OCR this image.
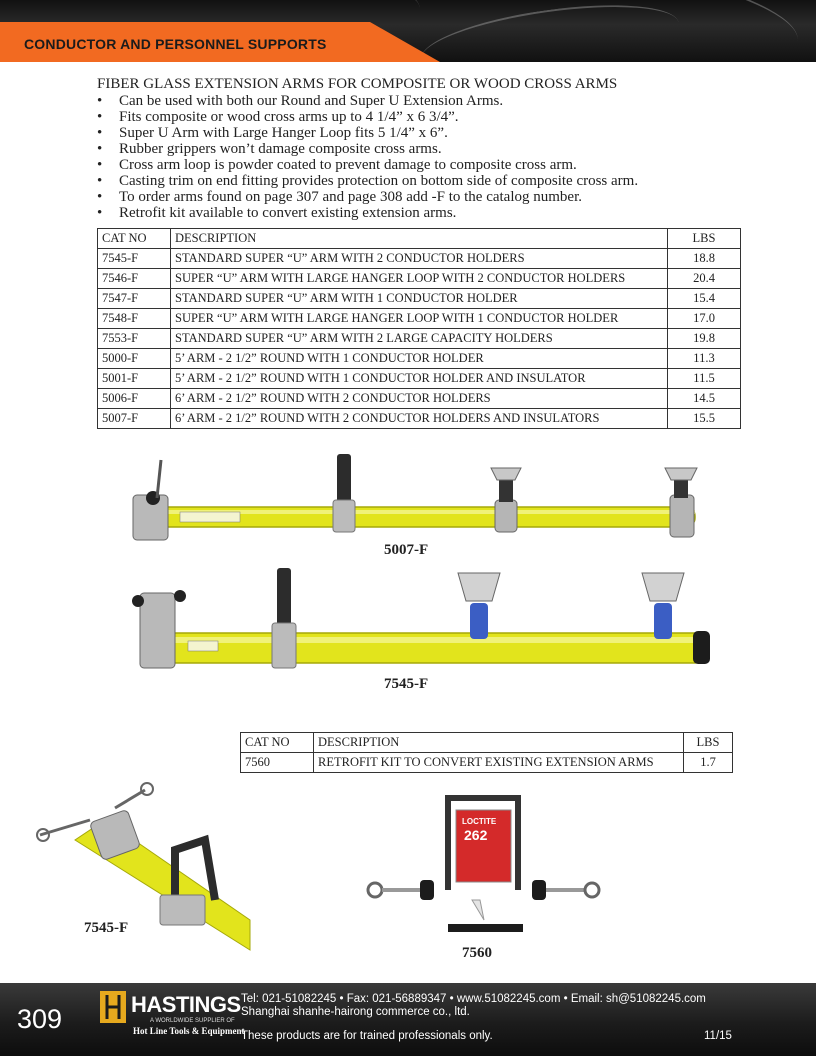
CONDUCTOR AND PERSONNEL SUPPORTS
FIBER GLASS EXTENSION ARMS FOR COMPOSITE OR WOOD CROSS ARMS
• Can be used with both our Round and Super U Extension Arms.
• Fits composite or wood cross arms up to 4 1/4” x 6 3/4”.
• Super U Arm with Large Hanger Loop fits 5 1/4” x 6”.
• Rubber grippers won’t damage composite cross arms.
• Cross arm loop is powder coated to prevent damage to composite cross arm.
• Casting trim on end fitting provides protection on bottom side of composite cross arm.
• To order arms found on page 307 and page 308 add -F to the catalog number.
• Retrofit kit available to convert existing extension arms.
CAT NO	DESCRIPTION	LBS
7545-F	STANDARD SUPER “U” ARM WITH 2 CONDUCTOR HOLDERS	18.8
7546-F	SUPER “U” ARM WITH LARGE HANGER LOOP WITH 2 CONDUCTOR HOLDERS	20.4
7547-F	STANDARD SUPER “U” ARM WITH 1 CONDUCTOR HOLDER	15.4
7548-F	SUPER “U” ARM WITH LARGE HANGER LOOP WITH 1 CONDUCTOR HOLDER	17.0
7553-F	STANDARD SUPER “U” ARM WITH 2 LARGE CAPACITY HOLDERS	19.8
5000-F	5’ ARM - 2 1/2” ROUND WITH 1 CONDUCTOR HOLDER	11.3
5001-F	5’ ARM - 2 1/2” ROUND WITH 1 CONDUCTOR HOLDER AND INSULATOR	11.5
5006-F	6’ ARM - 2 1/2” ROUND WITH 2 CONDUCTOR HOLDERS	14.5
5007-F	6’ ARM - 2 1/2” ROUND WITH 2 CONDUCTOR HOLDERS AND INSULATORS	15.5
5007-F
7545-F
CAT NO	DESCRIPTION	LBS
7560	RETROFIT KIT TO CONVERT EXISTING EXTENSION ARMS	1.7
7545-F
LOCTITE
262
7560
309	HASTINGS
A WORLDWIDE SUPPLIER OF
Hot Line Tools & Equipment
Tel: 021-51082245 • Fax: 021-56889347 • www.51082245.com • Email: sh@51082245.com
Shanghai shanhe-hairong commerce co., ltd.
These products are for trained professionals only.	11/15
